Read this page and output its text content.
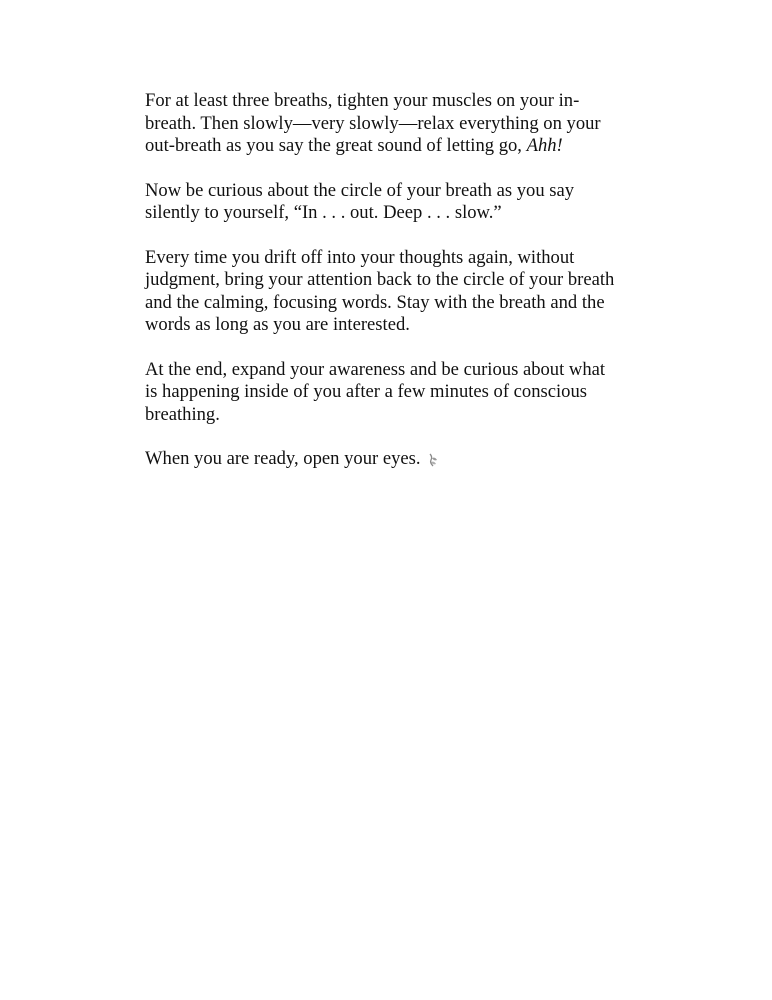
For at least three breaths, tighten your muscles on your in-
breath. Then slowly—very slowly—relax everything on your
out-breath as you say the great sound of letting go, Ahh!

Now be curious about the circle of your breath as you say
silently to yourself, “In . . . out. Deep . . . slow.”

Every time you drift off into your thoughts again, without
judgment, bring your attention back to the circle of your breath
and the calming, focusing words. Stay with the breath and the
words as long as you are interested.

At the end, expand your awareness and be curious about what
is happening inside of you after a few minutes of conscious
breathing.

When you are ready, open your eyes.
